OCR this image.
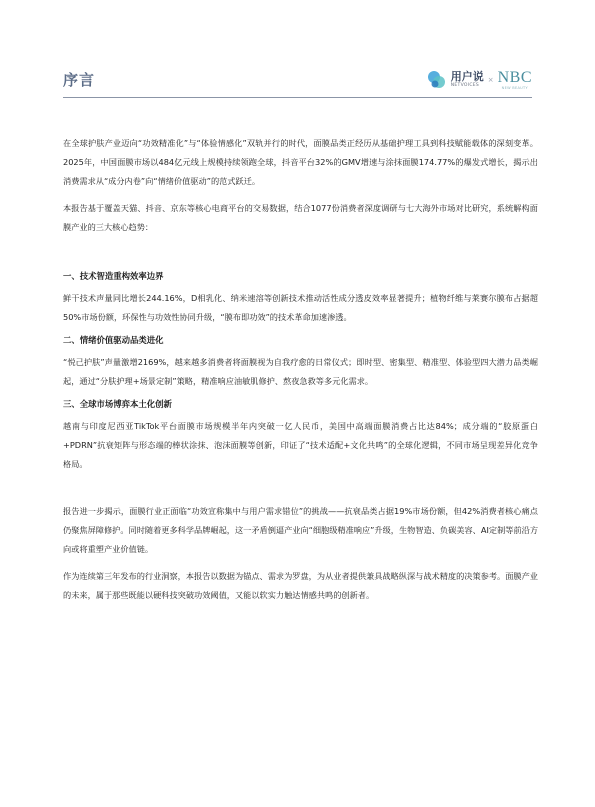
序言	用户说
NETVOICES
× NBC
NEW BEAUTY

在全球护肤产业迈向“功效精准化”与“体验情感化”双轨并行的时代，面膜品类正经历从基础护理工具到科技赋能载体的深刻变革。2025年，中国面膜市场以484亿元线上规模持续领跑全球，抖音平台32%的GMV增速与涂抹面膜174.77%的爆发式增长，揭示出消费需求从“成分内卷”向“情绪价值驱动”的范式跃迁。

本报告基于覆盖天猫、抖音、京东等核心电商平台的交易数据，结合1077份消费者深度调研与七大海外市场对比研究，系统解构面膜产业的三大核心趋势：

一、技术智造重构效率边界

鲜干技术声量同比增长244.16%，D相乳化、纳米速溶等创新技术推动活性成分透皮效率显著提升；植物纤维与莱赛尔膜布占据超50%市场份额，环保性与功效性协同升级，“膜布即功效”的技术革命加速渗透。

二、情绪价值驱动品类进化

“悦己护肤”声量激增2169%，越来越多消费者将面膜视为自我疗愈的日常仪式；即时型、密集型、精准型、体验型四大潜力品类崛起，通过“分肤护理+场景定制”策略，精准响应油敏肌修护、熬夜急救等多元化需求。

三、全球市场博弈本土化创新

越南与印度尼西亚TikTok平台面膜市场规模半年内突破一亿人民币，美国中高端面膜消费占比达84%；成分端的“胶原蛋白+PDRN”抗衰矩阵与形态端的棒状涂抹、泡沫面膜等创新，印证了“技术适配+文化共鸣”的全球化逻辑，不同市场呈现差异化竞争格局。

报告进一步揭示，面膜行业正面临“功效宣称集中与用户需求错位”的挑战——抗衰品类占据19%市场份额，但42%消费者核心痛点仍聚焦屏障修护。同时随着更多科学品牌崛起，这一矛盾倒逼产业向“细胞级精准响应”升级，生物智造、负碳美容、AI定制等前沿方向或将重塑产业价值链。

作为连续第三年发布的行业洞察，本报告以数据为锚点、需求为罗盘，为从业者提供兼具战略纵深与战术精度的决策参考。面膜产业的未来，属于那些既能以硬科技突破功效阈值，又能以软实力触达情感共鸣的创新者。
